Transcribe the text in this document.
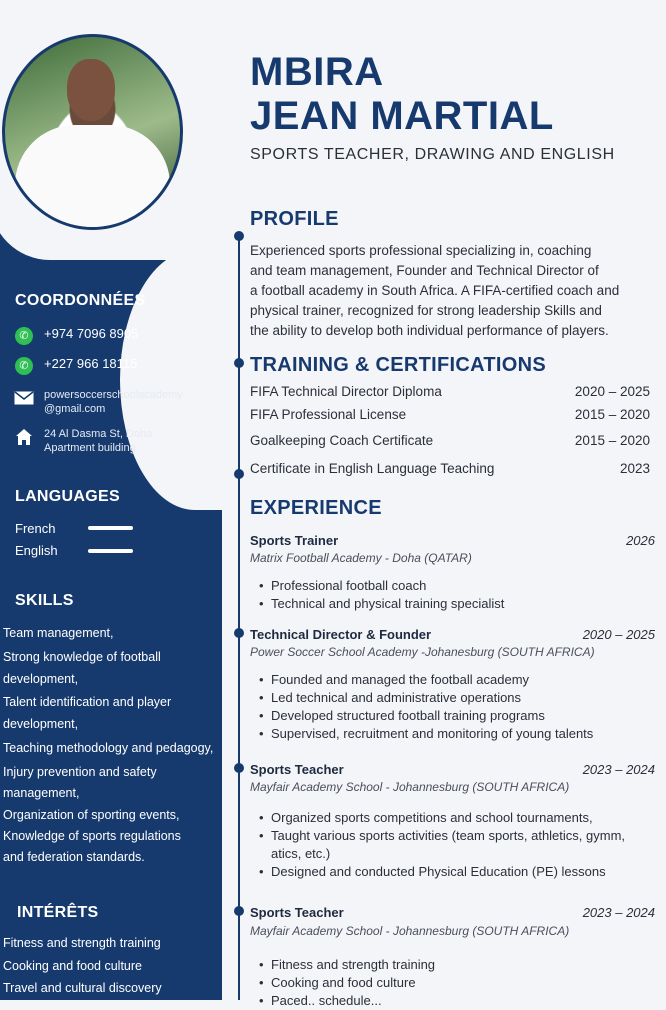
COORDONNÉES
✆	+974 7096 8905
✆	+227 966 18115
powersoccerschoolacademy
@gmail.com
24 Al Dasma St, Doha
Apartment building
LANGUAGES
French
English
SKILLS
Team management,
Strong knowledge of football
development,
Talent identification and player
development,
Teaching methodology and pedagogy,
Injury prevention and safety
management,
Organization of sporting events,
Knowledge of sports regulations
and federation standards.
INTÉRÊTS
Fitness and strength training
Cooking and food culture
Travel and cultural discovery
MBIRA
JEAN MARTIAL
SPORTS TEACHER, DRAWING AND ENGLISH
PROFILE
Experienced sports professional specializing in, coaching
and team management, Founder and Technical Director of
a football academy in South Africa. A FIFA-certified coach and
physical trainer, recognized for strong leadership Skills and
the ability to develop both individual performance of players.
TRAINING & CERTIFICATIONS
FIFA Technical Director Diploma	2020 – 2025
FIFA Professional License	2015 – 2020
Goalkeeping Coach Certificate	2015 – 2020
Certificate in English Language Teaching	2023
EXPERIENCE
Sports Trainer	2026
Matrix Football Academy - Doha (QATAR)
• Professional football coach
• Technical and physical training specialist
Technical Director & Founder	2020 – 2025
Power Soccer School Academy -Johanesburg (SOUTH AFRICA)
• Founded and managed the football academy
• Led technical and administrative operations
• Developed structured football training programs
• Supervised, recruitment and monitoring of young talents
Sports Teacher	2023 – 2024
Mayfair Academy School - Johannesburg (SOUTH AFRICA)
• Organized sports competitions and school tournaments,
• Taught various sports activities (team sports, athletics, gymm,
atics, etc.)
• Designed and conducted Physical Education (PE) lessons
Sports Teacher	2023 – 2024
Mayfair Academy School - Johannesburg (SOUTH AFRICA)
• Fitness and strength training
• Cooking and food culture
• Paced.. schedule...
